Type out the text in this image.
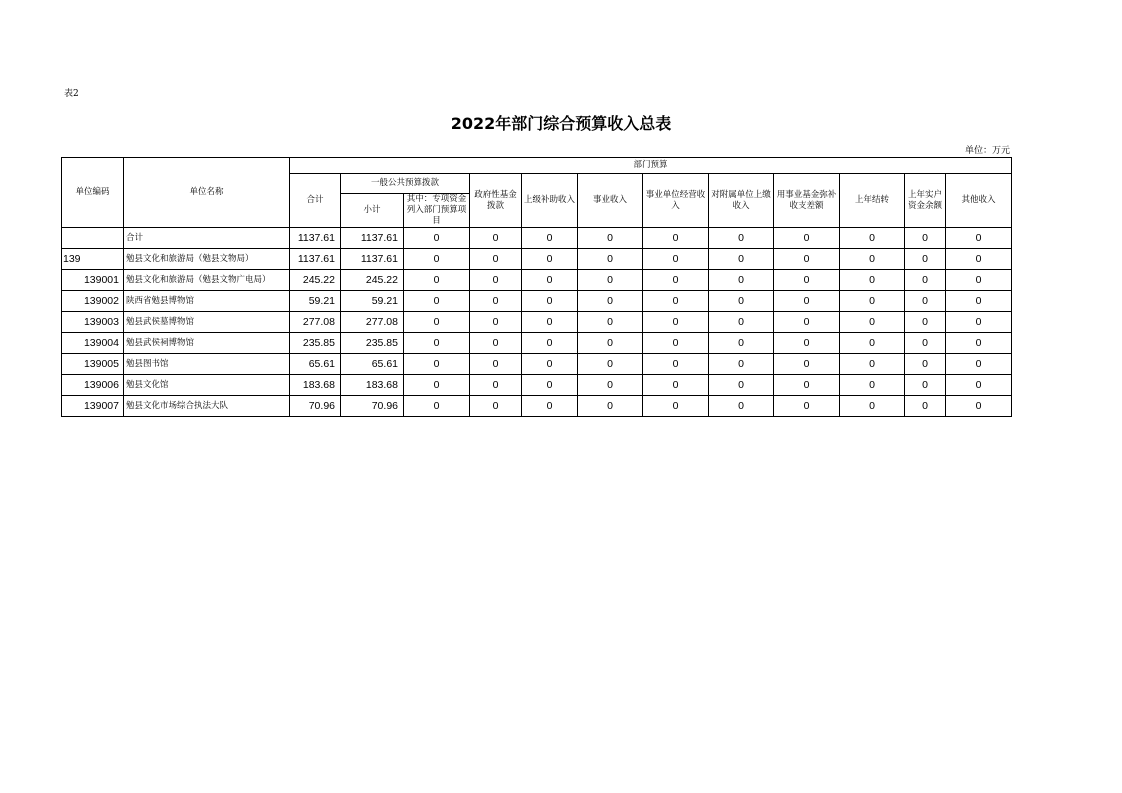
表2
2022年部门综合预算收入总表
单位：万元
单位编码	单位名称	部门预算											
		合计	一般公共预算拨款		政府性基金拨款	上级补助收入	事业收入	事业单位经营收入	对附属单位上缴收入	用事业基金弥补收支差额	上年结转	上年实户资金余额	其他收入
			小计	其中：专项资金列入部门预算项目									
	合计	1137.61	1137.61	0	0	0	0	0	0	0	0	0	0
139	勉县文化和旅游局（勉县文物局）	1137.61	1137.61	0	0	0	0	0	0	0	0	0	0
139001	勉县文化和旅游局（勉县文物广电局）	245.22	245.22	0	0	0	0	0	0	0	0	0	0
139002	陕西省勉县博物馆	59.21	59.21	0	0	0	0	0	0	0	0	0	0
139003	勉县武侯墓博物馆	277.08	277.08	0	0	0	0	0	0	0	0	0	0
139004	勉县武侯祠博物馆	235.85	235.85	0	0	0	0	0	0	0	0	0	0
139005	勉县图书馆	65.61	65.61	0	0	0	0	0	0	0	0	0	0
139006	勉县文化馆	183.68	183.68	0	0	0	0	0	0	0	0	0	0
139007	勉县文化市场综合执法大队	70.96	70.96	0	0	0	0	0	0	0	0	0	0
